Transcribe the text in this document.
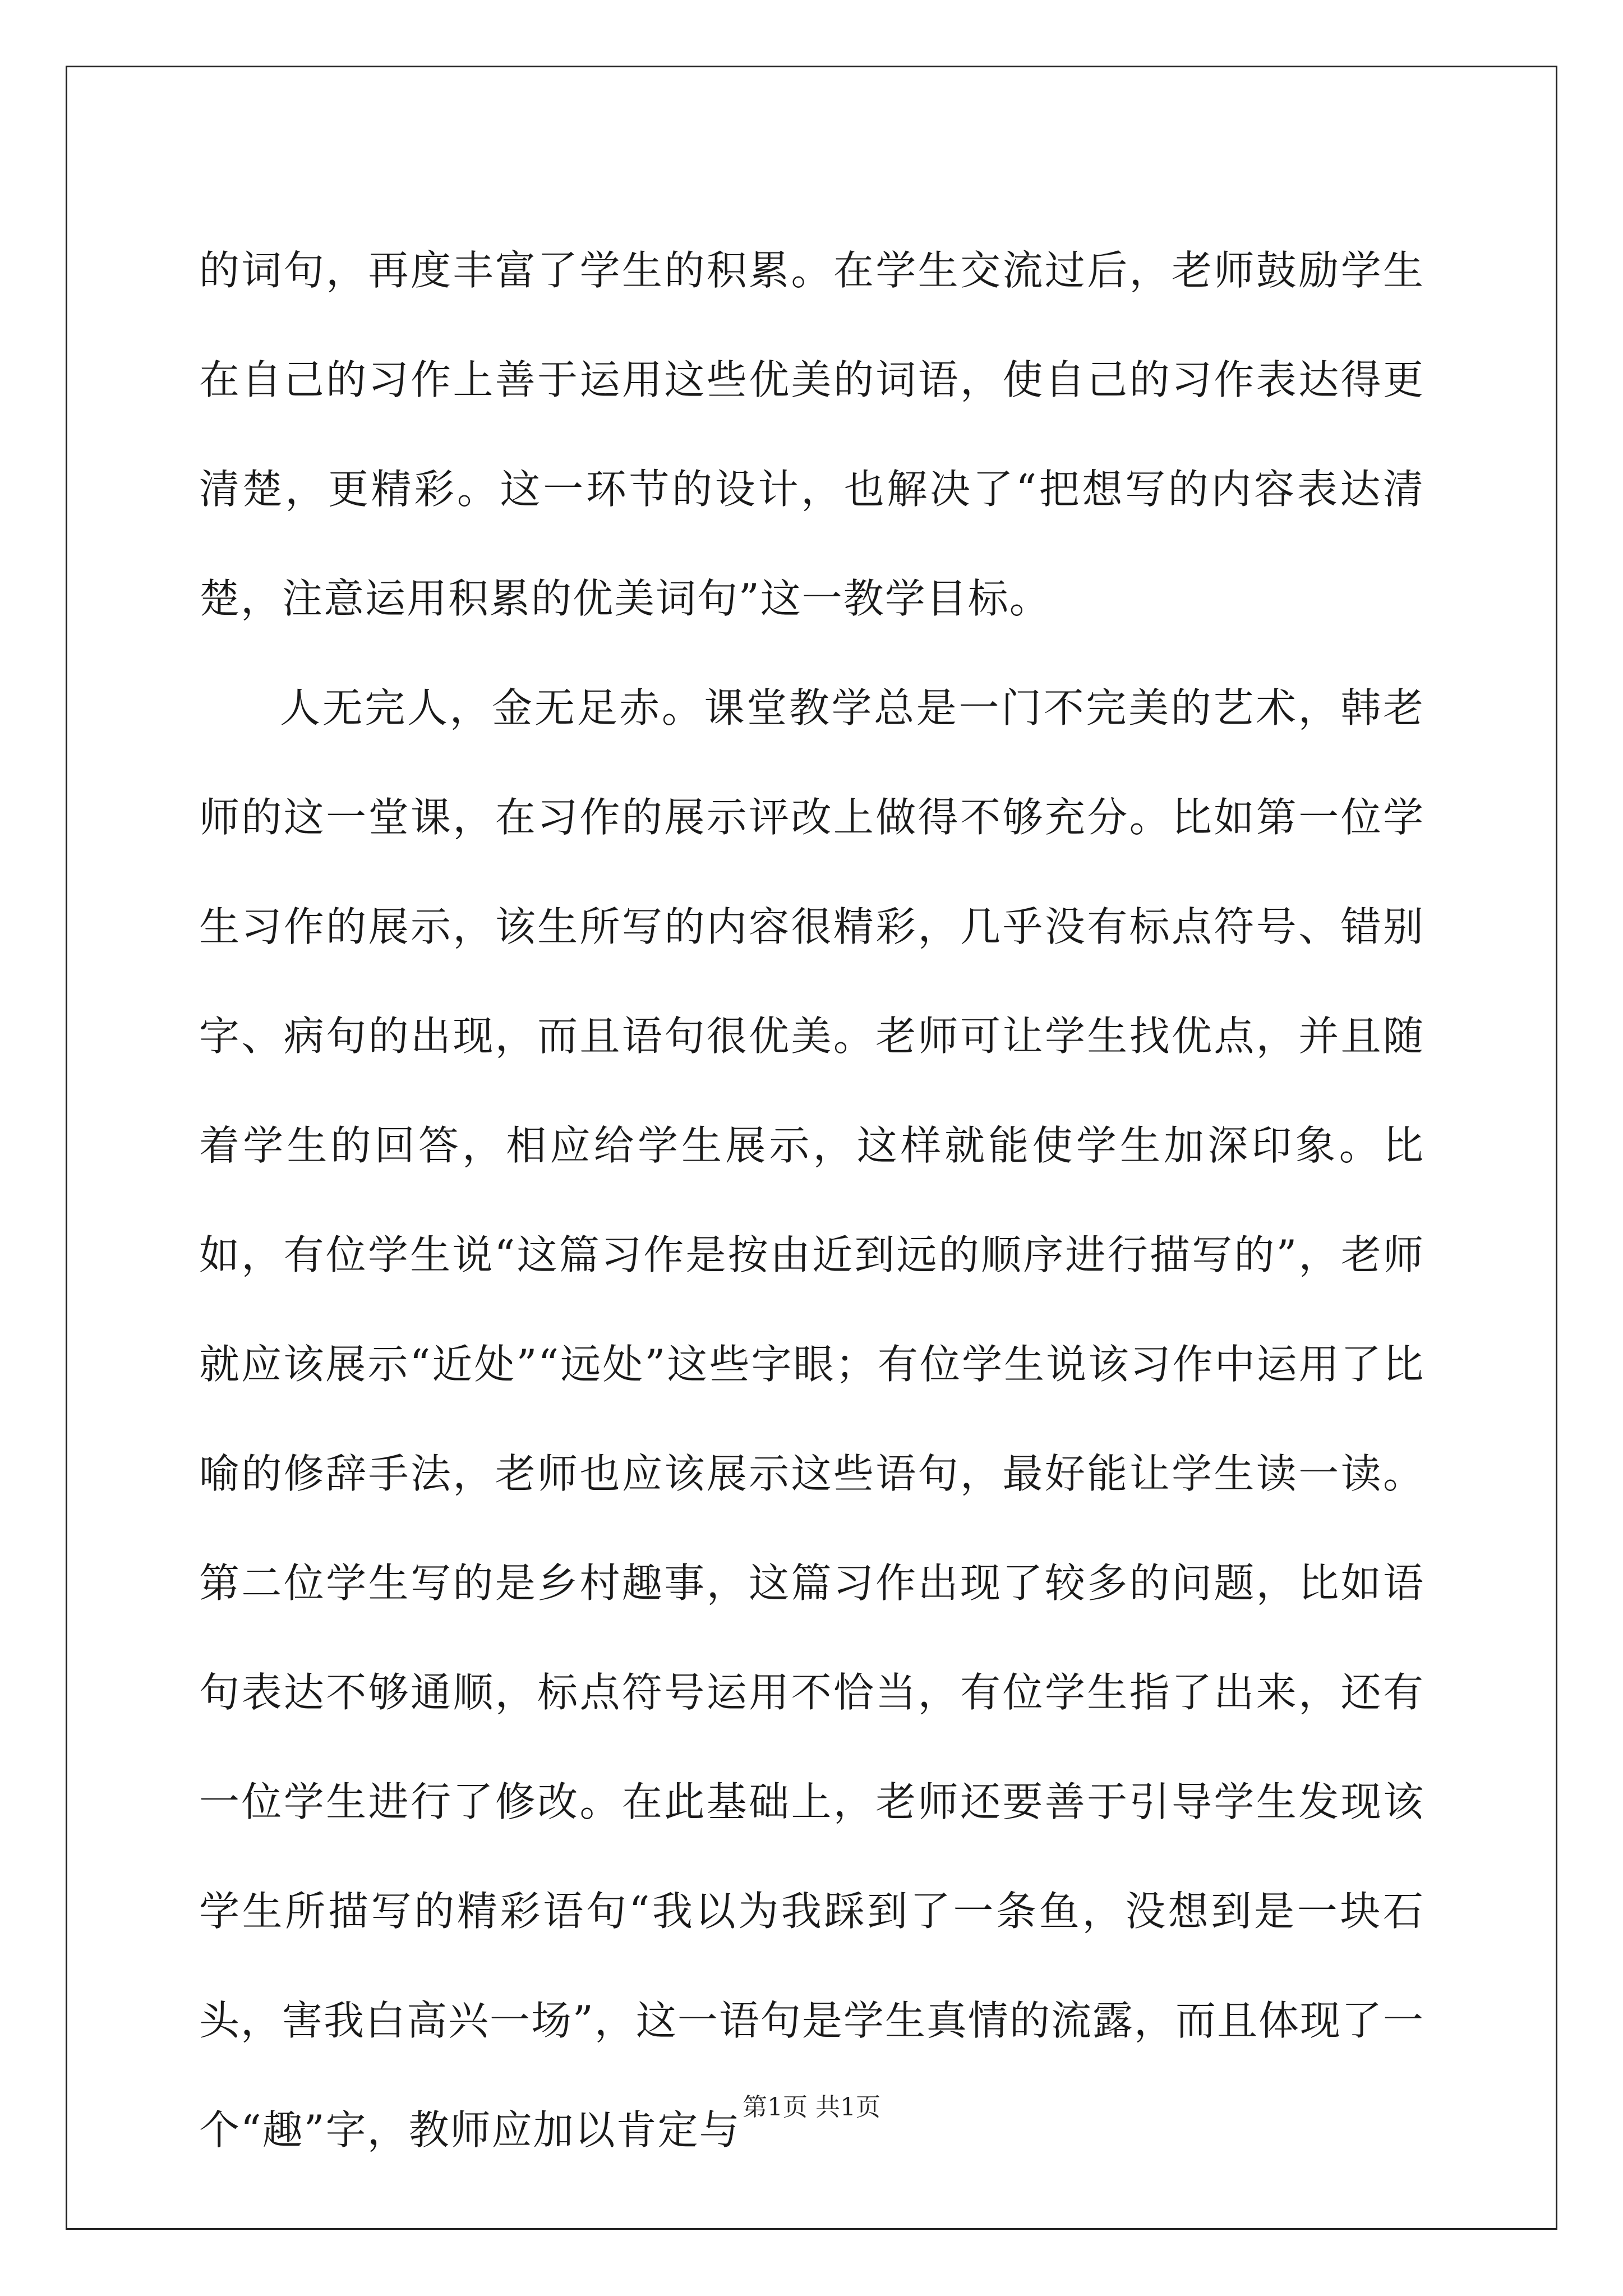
的词句，再度丰富了学生的积累。在学生交流过后，老师鼓励学生在自己的习作上善于运用这些优美的词语，使自己的习作表达得更清楚，更精彩。这一环节的设计，也解决了“把想写的内容表达清楚，注意运用积累的优美词句”这一教学目标。

人无完人，金无足赤。课堂教学总是一门不完美的艺术，韩老师的这一堂课，在习作的展示评改上做得不够充分。比如第一位学生习作的展示，该生所写的内容很精彩，几乎没有标点符号、错别字、病句的出现，而且语句很优美。老师可让学生找优点，并且随着学生的回答，相应给学生展示，这样就能使学生加深印象。比如，有位学生说“这篇习作是按由近到远的顺序进行描写的”，老师就应该展示“近处”“远处”这些字眼；有位学生说该习作中运用了比喻的修辞手法，老师也应该展示这些语句，最好能让学生读一读。第二位学生写的是乡村趣事，这篇习作出现了较多的问题，比如语句表达不够通顺，标点符号运用不恰当，有位学生指了出来，还有一位学生进行了修改。在此基础上，老师还要善于引导学生发现该学生所描写的精彩语句“我以为我踩到了一条鱼，没想到是一块石头，害我白高兴一场”，这一语句是学生真情的流露，而且体现了一个“趣”字，教师应加以肯定与 第1页 共1页
